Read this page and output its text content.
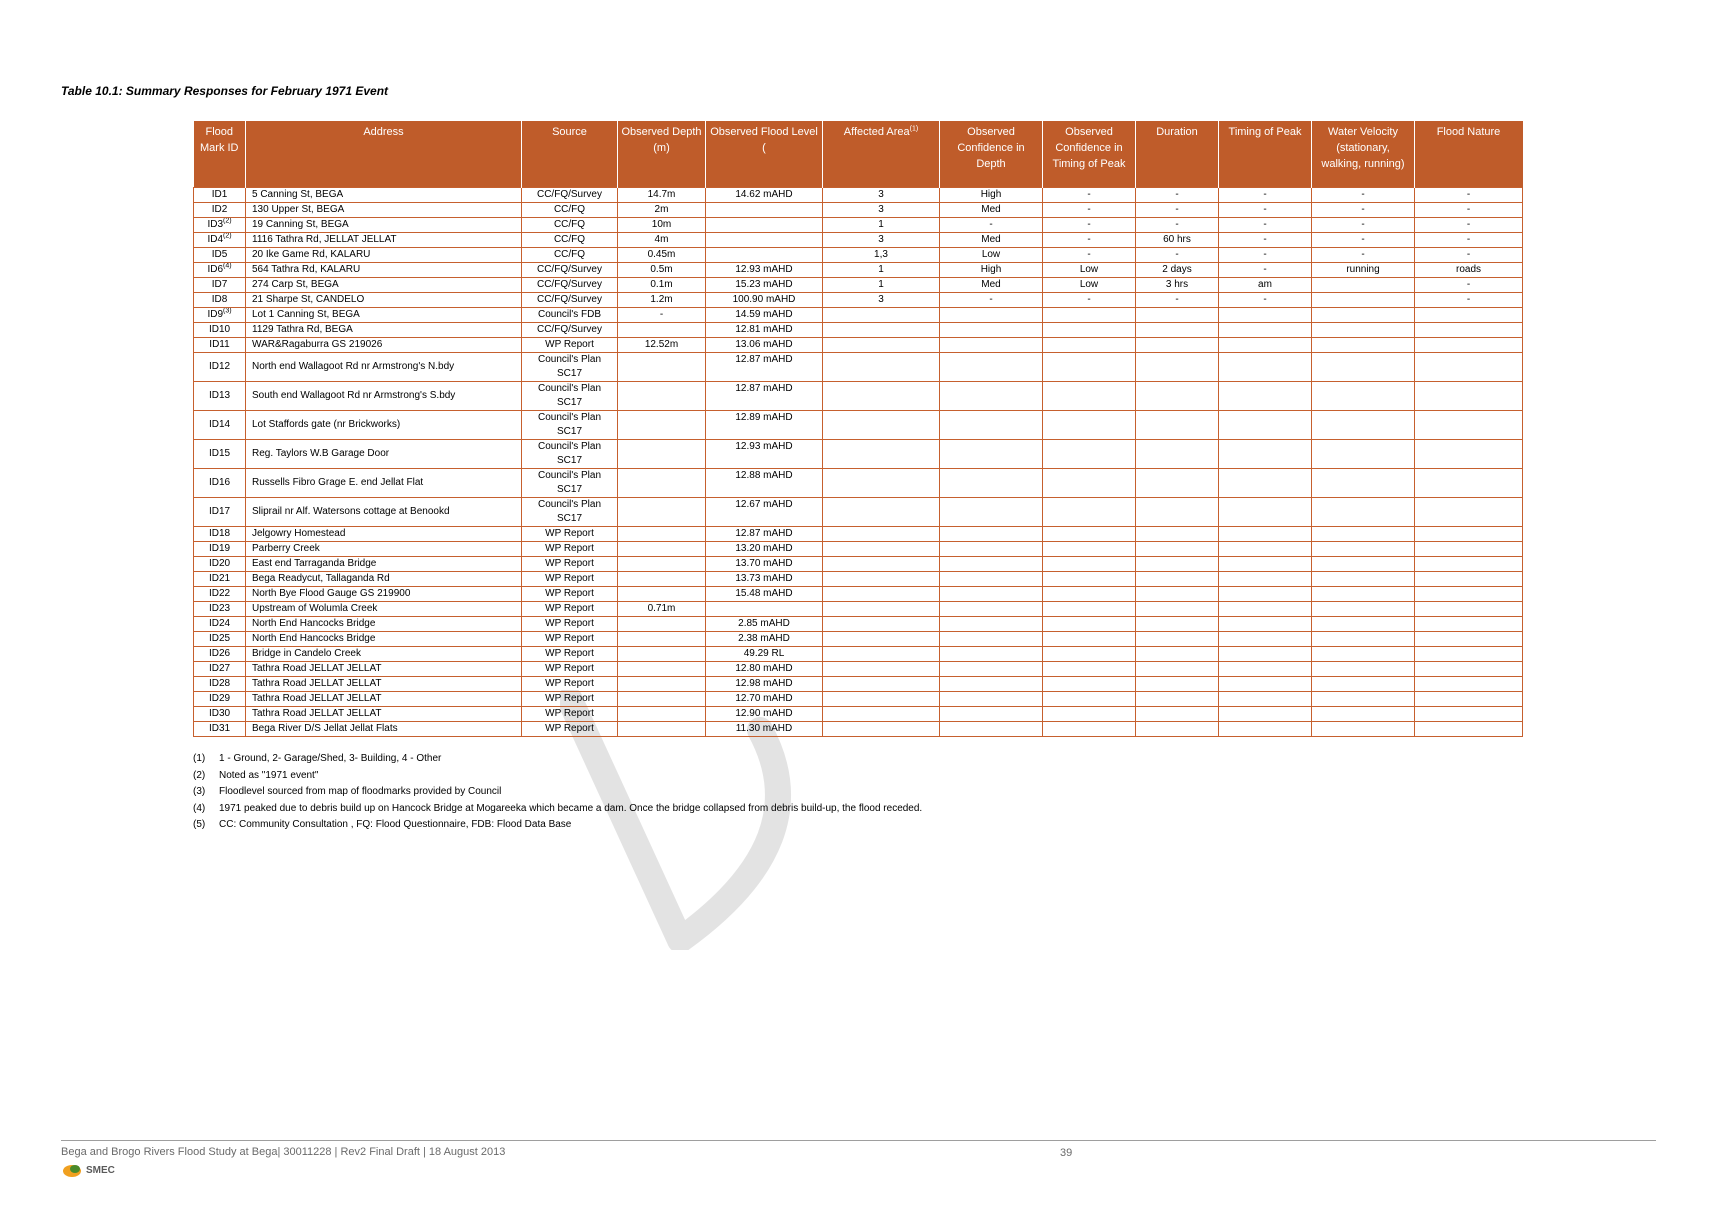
Table 10.1: Summary Responses for February 1971 Event
Flood Mark ID	Address	Source	Observed Depth (m)	Observed Flood Level (	Affected Area$^{(1)}$	Observed Confidence in Depth	Observed Confidence in Timing of Peak	Duration	Timing of Peak	Water Velocity (stationary, walking, running)	Flood Nature
ID1	5 Canning St, BEGA	CC/FQ/Survey	14.7m	14.62 mAHD	3	High	-	-	-	-	-
ID2	130 Upper St, BEGA	CC/FQ	2m		3	Med	-	-	-	-	-
ID3$^{(2)}$	19 Canning St, BEGA	CC/FQ	10m		1	-	-	-	-	-	-
ID4$^{(2)}$	1116 Tathra Rd, JELLAT JELLAT	CC/FQ	4m		3	Med	-	60 hrs	-	-	-
ID5	20 Ike Game Rd, KALARU	CC/FQ	0.45m		1,3	Low	-	-	-	-	-
ID6$^{(4)}$	564 Tathra Rd, KALARU	CC/FQ/Survey	0.5m	12.93 mAHD	1	High	Low	2 days	-	running	roads
ID7	274 Carp St, BEGA	CC/FQ/Survey	0.1m	15.23 mAHD	1	Med	Low	3 hrs	am		-
ID8	21 Sharpe St, CANDELO	CC/FQ/Survey	1.2m	100.90 mAHD	3	-	-	-	-		-
ID9$^{(3)}$	Lot 1 Canning St, BEGA	Council's FDB	-	14.59 mAHD							
ID10	1129 Tathra Rd, BEGA	CC/FQ/Survey		12.81 mAHD							
ID11	WAR&Ragaburra GS 219026	WP Report	12.52m	13.06 mAHD							
ID12	North end Wallagoot Rd nr Armstrong's N.bdy	Council's Plan SC17		12.87 mAHD							
ID13	South end Wallagoot Rd nr Armstrong's S.bdy	Council's Plan SC17		12.87 mAHD							
ID14	Lot Staffords gate (nr Brickworks)	Council's Plan SC17		12.89 mAHD							
ID15	Reg. Taylors W.B Garage Door	Council's Plan SC17		12.93 mAHD							
ID16	Russells Fibro Grage E. end Jellat Flat	Council's Plan SC17		12.88 mAHD							
ID17	Sliprail nr Alf. Watersons cottage at Benookd	Council's Plan SC17		12.67 mAHD							
ID18	Jelgowry Homestead	WP Report		12.87 mAHD							
ID19	Parberry Creek	WP Report		13.20 mAHD							
ID20	East end Tarraganda Bridge	WP Report		13.70 mAHD							
ID21	Bega Readycut, Tallaganda Rd	WP Report		13.73 mAHD							
ID22	North Bye Flood Gauge GS 219900	WP Report		15.48 mAHD							
ID23	Upstream of Wolumla Creek	WP Report	0.71m								
ID24	North End Hancocks Bridge	WP Report		2.85 mAHD							
ID25	North End Hancocks Bridge	WP Report		2.38 mAHD							
ID26	Bridge in Candelo Creek	WP Report		49.29 RL							
ID27	Tathra Road JELLAT JELLAT	WP Report		12.80 mAHD							
ID28	Tathra Road JELLAT JELLAT	WP Report		12.98 mAHD							
ID29	Tathra Road JELLAT JELLAT	WP Report		12.70 mAHD							
ID30	Tathra Road JELLAT JELLAT	WP Report		12.90 mAHD							
ID31	Bega River D/S Jellat Jellat Flats	WP Report		11.30 mAHD							
(1)	1 - Ground, 2- Garage/Shed, 3- Building, 4 - Other
(2)	Noted as "1971 event"
(3)	Floodlevel sourced from map of floodmarks provided by Council
(4)	1971 peaked due to debris build up on Hancock Bridge at Mogareeka which became a dam. Once the bridge collapsed from debris build-up, the flood receded.
(5)	CC: Community Consultation , FQ: Flood Questionnaire, FDB: Flood Data Base
Bega and Brogo Rivers Flood Study at Bega| 30011228 | Rev2 Final Draft | 18 August 2013	39
SMEC
